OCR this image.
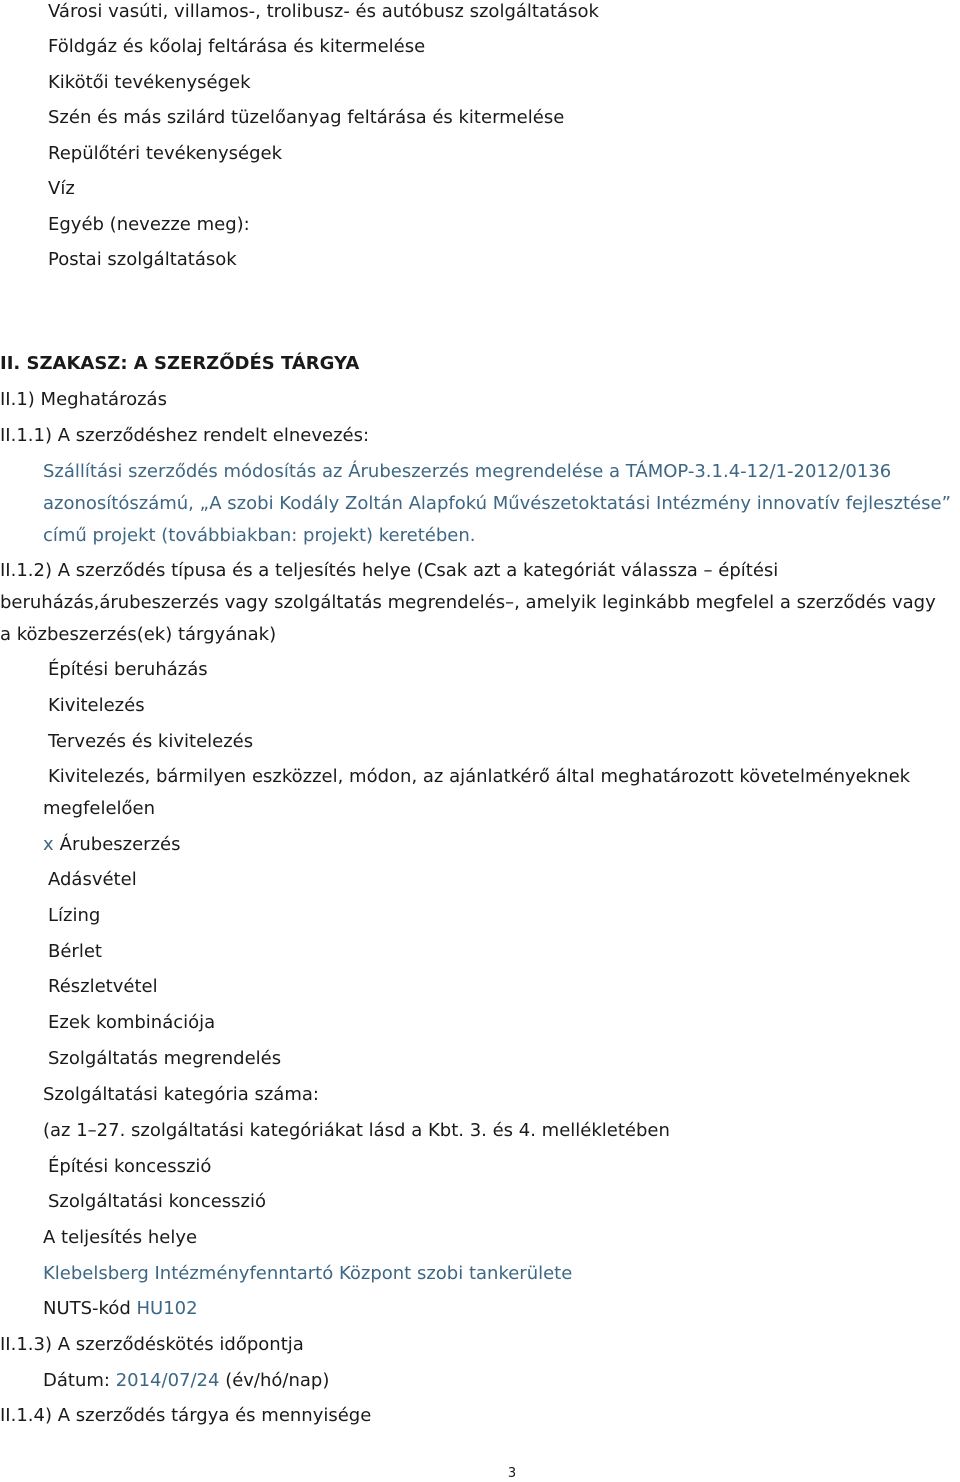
Városi vasúti, villamos-, trolibusz- és autóbusz szolgáltatások
Földgáz és kőolaj feltárása és kitermelése
Kikötői tevékenységek
Szén és más szilárd tüzelőanyag feltárása és kitermelése
Repülőtéri tevékenységek
Víz
Egyéb (nevezze meg):
Postai szolgáltatások
II. SZAKASZ: A SZERZŐDÉS TÁRGYA
II.1) Meghatározás
II.1.1) A szerződéshez rendelt elnevezés:
Szállítási szerződés módosítás az Árubeszerzés megrendelése a TÁMOP-3.1.4-12/1-2012/0136
azonosítószámú, „A szobi Kodály Zoltán Alapfokú Művészetoktatási Intézmény innovatív fejlesztése”
című projekt (továbbiakban: projekt) keretében.
II.1.2) A szerződés típusa és a teljesítés helye (Csak azt a kategóriát válassza – építési
beruházás,árubeszerzés vagy szolgáltatás megrendelés–, amelyik leginkább megfelel a szerződés vagy
a közbeszerzés(ek) tárgyának)
Építési beruházás
Kivitelezés
Tervezés és kivitelezés
Kivitelezés, bármilyen eszközzel, módon, az ajánlatkérő által meghatározott követelményeknek
megfelelően
x Árubeszerzés
Adásvétel
Lízing
Bérlet
Részletvétel
Ezek kombinációja
Szolgáltatás megrendelés
Szolgáltatási kategória száma:
(az 1–27. szolgáltatási kategóriákat lásd a Kbt. 3. és 4. mellékletében
Építési koncesszió
Szolgáltatási koncesszió
A teljesítés helye
Klebelsberg Intézményfenntartó Központ szobi tankerülete
NUTS-kód HU102
II.1.3) A szerződéskötés időpontja
Dátum: 2014/07/24 (év/hó/nap)
II.1.4) A szerződés tárgya és mennyisége
3
